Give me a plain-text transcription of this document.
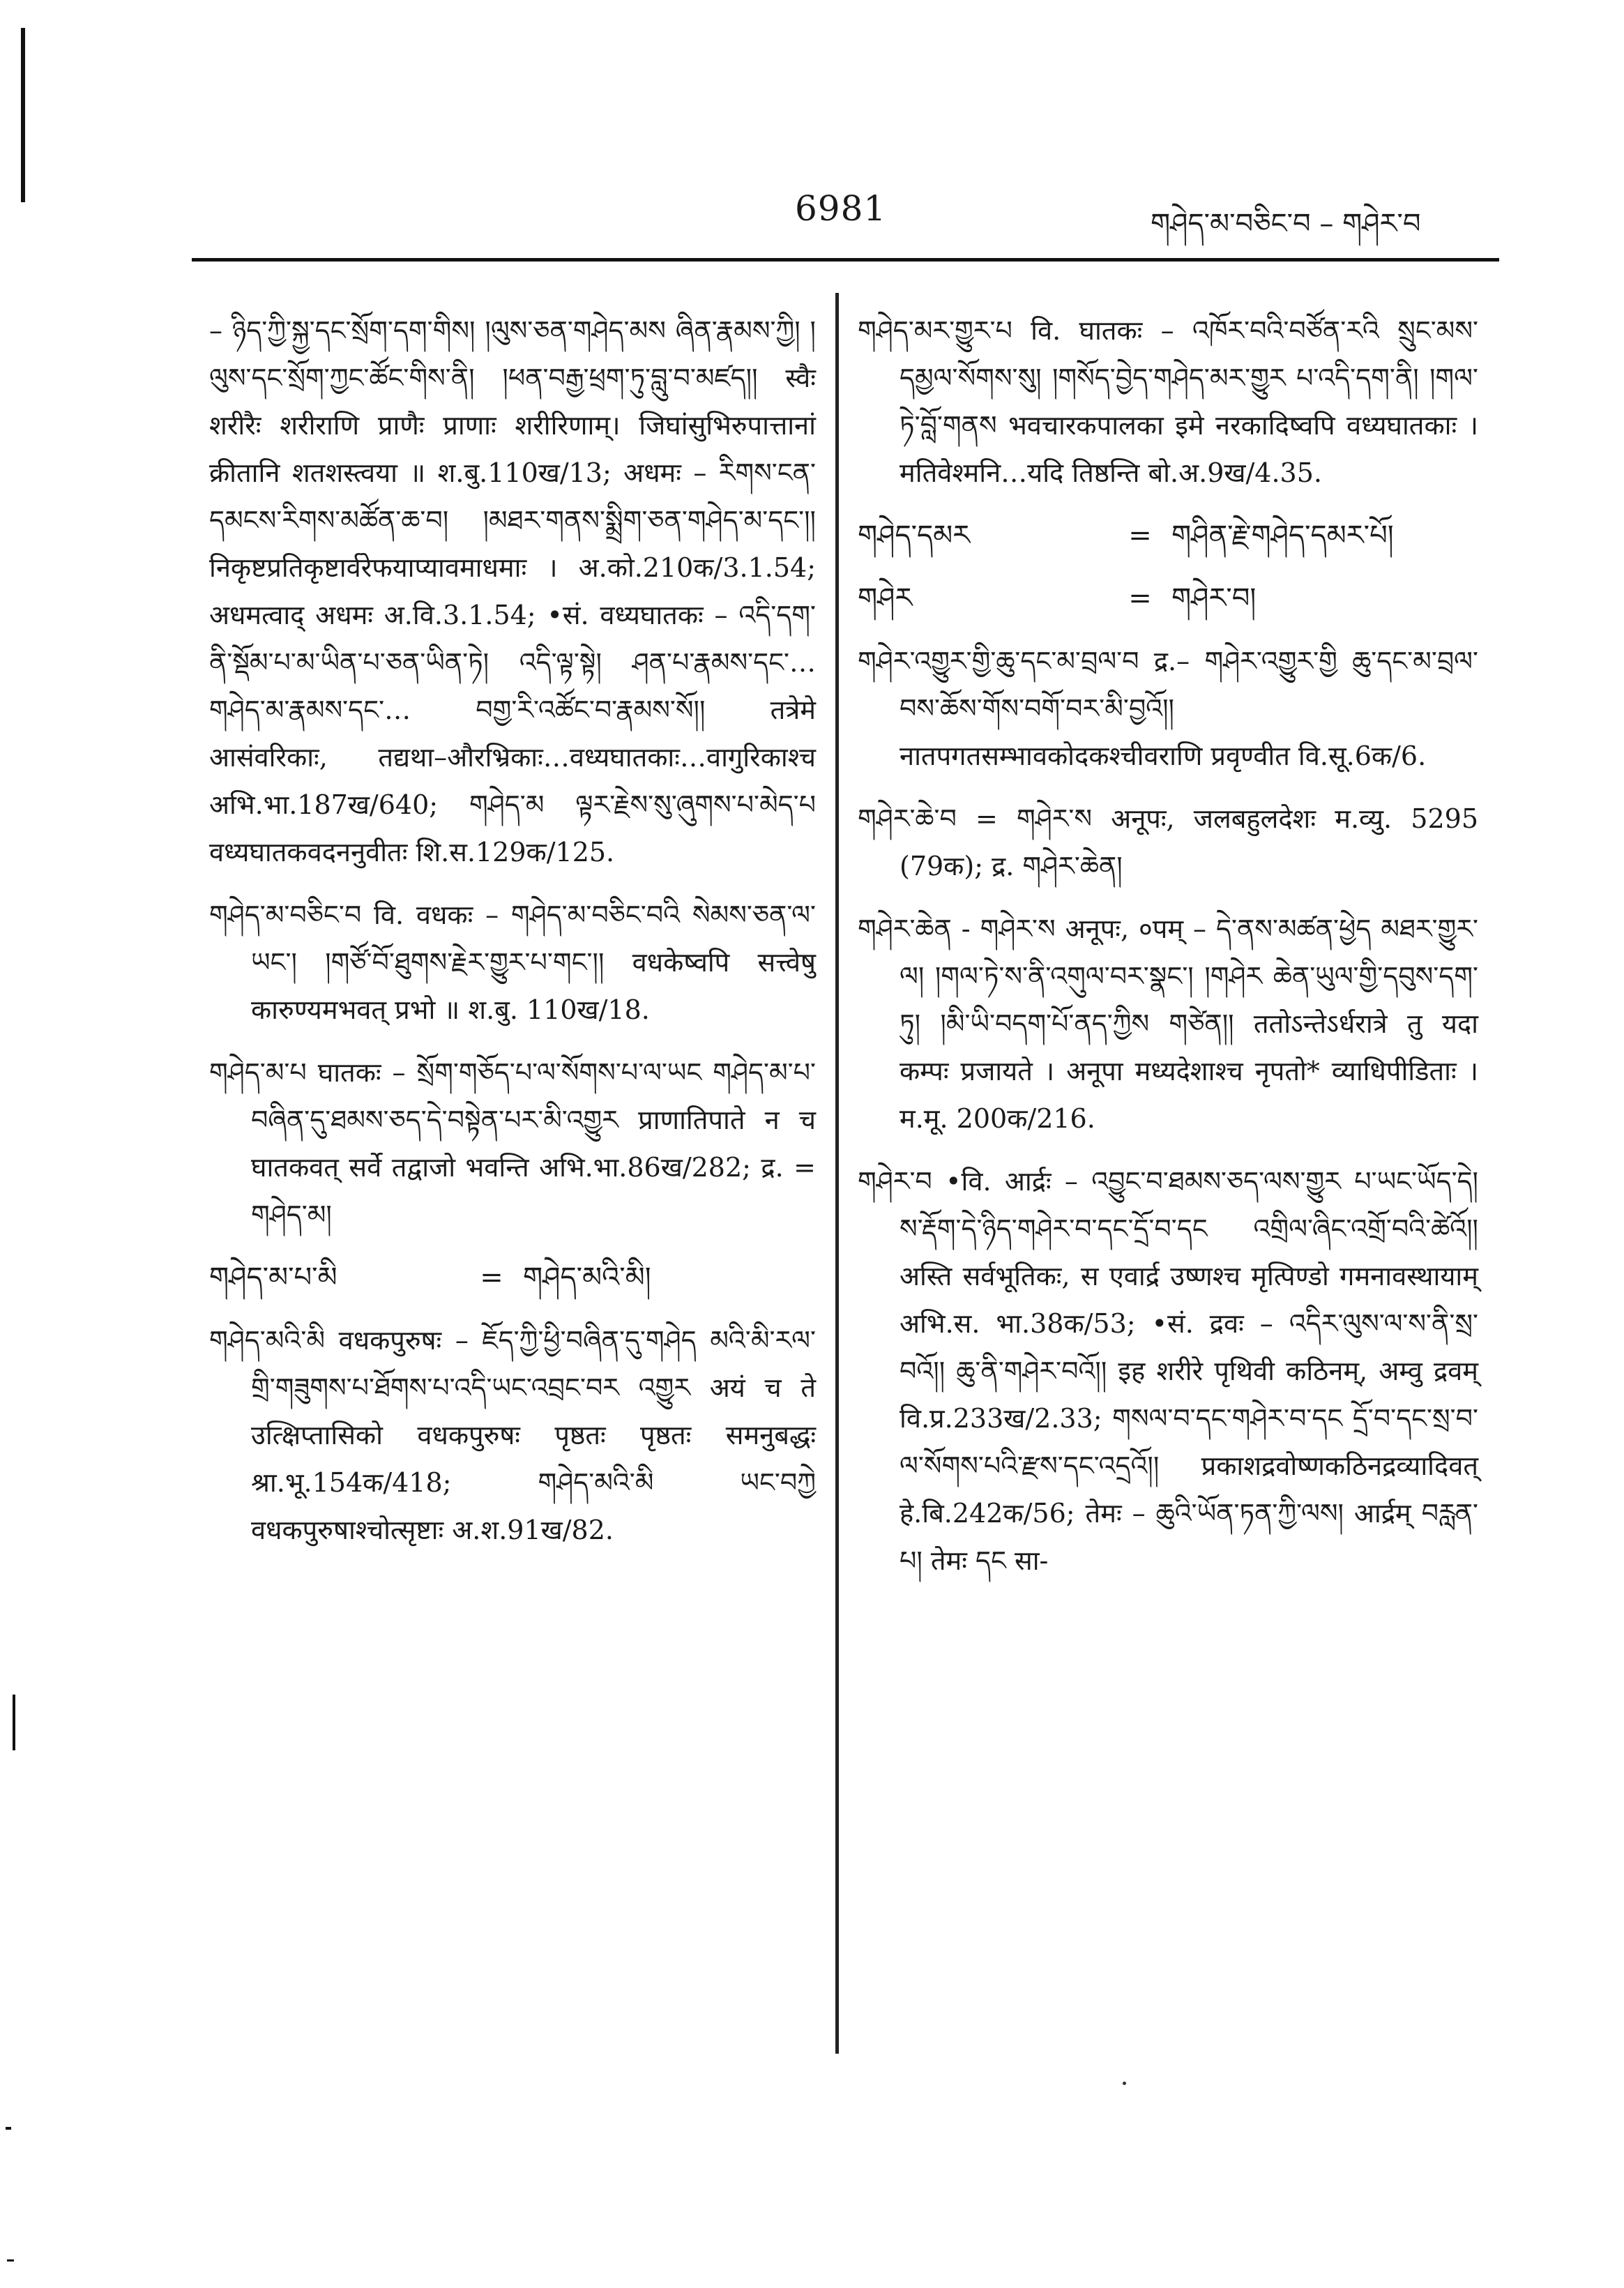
6981	གཤེད་མ་བཅིང་བ – གཤེར་བ

– ཉིད་ཀྱི་སྐྱ་དང་སྲོག་དག་གིས། །ལུས་ཅན་གཤེད་མས ཞིན་རྣམས་ཀྱི། །ལུས་དང་སྲོག་ཀྱང་ཚོང་གིས་ནི། །ཕན་བརྒྱ་ཕྲག་ཏུ་བླུ་བ་མཛད།། स्वैः शरीरैः शरीराणि प्राणैः प्राणाः शरीरिणाम्। जिघांसुभिरुपात्तानां क्रीतानि शतशस्त्वया ॥ श.बु.110ख/13; अधमः – རིགས་ངན་དམངས་རིགས་མཚོན་ཆ་བ། །མཐར་གནས་སྨྲིག་ཅན་གཤེད་མ་དང་།། निकृष्टप्रतिकृष्टार्वरेफयाप्यावमाधमाः । अ.को.210क/3.1.54; अधमत्वाद् अधमः अ.वि.3.1.54; •सं. वध्यघातकः – འདི་དག་ནི་སྡོམ་པ་མ་ཡིན་པ་ཅན་ཡིན་ཏེ། འདི་ལྟ་སྟེ། ཤན་པ་རྣམས་དང་…གཤེད་མ་རྣམས་དང་… བགྱ་རི་འཚོང་བ་རྣམས་སོ།། तत्रेमे आसंवरिकाः, तद्यथा–औरभ्रिकाः…वध्यघातकाः…वागुरिकाश्च अभि.भा.187ख/640; གཤེད་མ ལྟར་རྗེས་སུ་ཞུགས་པ་མེད་པ वध्यघातकवदननुवीतः शि.स.129क/125.

གཤེད་མ་བཅིང་བ वि. वधकः – གཤེད་མ་བཅིང་བའི སེམས་ཅན་ལ་ཡང་། །གཙོ་བོ་ཐུགས་རྗེར་གྱུར་པ་གང་།། वधकेष्वपि सत्त्वेषु कारुण्यमभवत् प्रभो ॥ श.बु. 110ख/18.

གཤེད་མ་པ घातकः – སྲོག་གཅོད་པ་ལ་སོགས་པ་ལ་ཡང གཤེད་མ་པ་བཞིན་དུ་ཐམས་ཅད་དེ་བསྟེན་པར་མི་འགྱུར प्राणातिपाते न च घातकवत् सर्वे तद्वाजो भवन्ति अभि.भा.86ख/282; द्र. = གཤེད་མ།

གཤེད་མ་པ་མི	= གཤེད་མའི་མི།

གཤེད་མའི་མི वधकपुरुषः – ཇོད་ཀྱི་ཕྱི་བཞིན་དུ་གཤེད མའི་མི་རལ་གྲི་གཟུགས་པ་ཐོགས་པ་འདི་ཡང་འབྲང་བར འགྱུར अयं च ते उत्क्षिप्तासिको वधकपुरुषः पृष्ठतः पृष्ठतः समनुबद्धः श्रा.भू.154क/418; གཤེད་མའི་མི ཡང་བཀྱེ वधकपुरुषाश्चोत्सृष्टाः अ.श.91ख/82.

གཤེད་མར་གྱུར་པ वि. घातकः – འཁོར་བའི་བཙོན་རའི སྲུང་མས་དམྱལ་སོགས་སུ། །གསོད་བྱེད་གཤེད་མར་གྱུར པ་འདི་དག་ནི། །གལ་ཏེ་བློ་གནས भवचारकपालका इमे नरकादिष्वपि वध्यघातकाः । मतिवेश्मनि…यदि तिष्ठन्ति बो.अ.9ख/4.35.

གཤེད་དམར	= གཤིན་རྗེ་གཤེད་དམར་པོ།
གཤེར	= གཤེར་བ།

གཤེར་འགྱུར་གྱི་ཆུ་དང་མ་བྲལ་བ द्र.– གཤེར་འགྱུར་གྱི ཆུ་དང་མ་བྲལ་བས་ཆོས་གོས་བགོ་བར་མི་བྱའོ།། नातपगतसम्भावकोदकश्चीवराणि प्रवृण्वीत वि.सू.6क/6.

གཤེར་ཆེ་བ = གཤེར་ས अनूपः, जलबहुलदेशः म.व्यु. 5295 (79क); द्र. གཤེར་ཆེན།

གཤེར་ཆེན - གཤེར་ས अनूपः, ०पम् – དེ་ནས་མཚན་ཕྱེད མཐར་གྱུར་ལ། །གལ་ཏེ་ས་ནི་འགུལ་བར་སྣང་། །གཤེར ཆེན་ཡུལ་གྱི་དབུས་དག་ཏུ། །མི་ཡི་བདག་པོ་ནད་ཀྱིས གཙེན།། ततोऽन्तेऽर्धरात्रे तु यदा कम्पः प्रजायते । अनूपा मध्यदेशाश्च नृपतो* व्याधिपीडिताः । म.मू. 200क/216.

གཤེར་བ •वि. आर्द्रः – འབྱུང་བ་ཐམས་ཅད་ལས་གྱུར པ་ཡང་ཡོད་དེ། ས་རྡོག་དེ་ཉིད་གཤེར་བ་དང་དྲོ་བ་དང འགྲིལ་ཞིང་འགྲོ་བའི་ཚེའོ།། अस्ति सर्वभूतिकः, स एवार्द्र उष्णश्च मृत्पिण्डो गमनावस्थायाम् अभि.स. भा.38क/53; •सं. द्रवः – འདིར་ལུས་ལ་ས་ནི་སྲ་བའོ།། ཆུ་ནི་གཤེར་བའོ།། इह शरीरे पृथिवी कठिनम्, अम्वु द्रवम् वि.प्र.233ख/2.33; གསལ་བ་དང་གཤེར་བ་དང དྲོ་བ་དང་སྲ་བ་ལ་སོགས་པའི་རྫས་དང་འདྲའོ།། प्रकाशद्रवोष्णकठिनद्रव्यादिवत् हे.बि.242क/56; तेमः – ཆུའི་ཡོན་ཏན་ཀྱི་ལས། आर्द्रम् བརླན་པ། तेमः དང सा-
